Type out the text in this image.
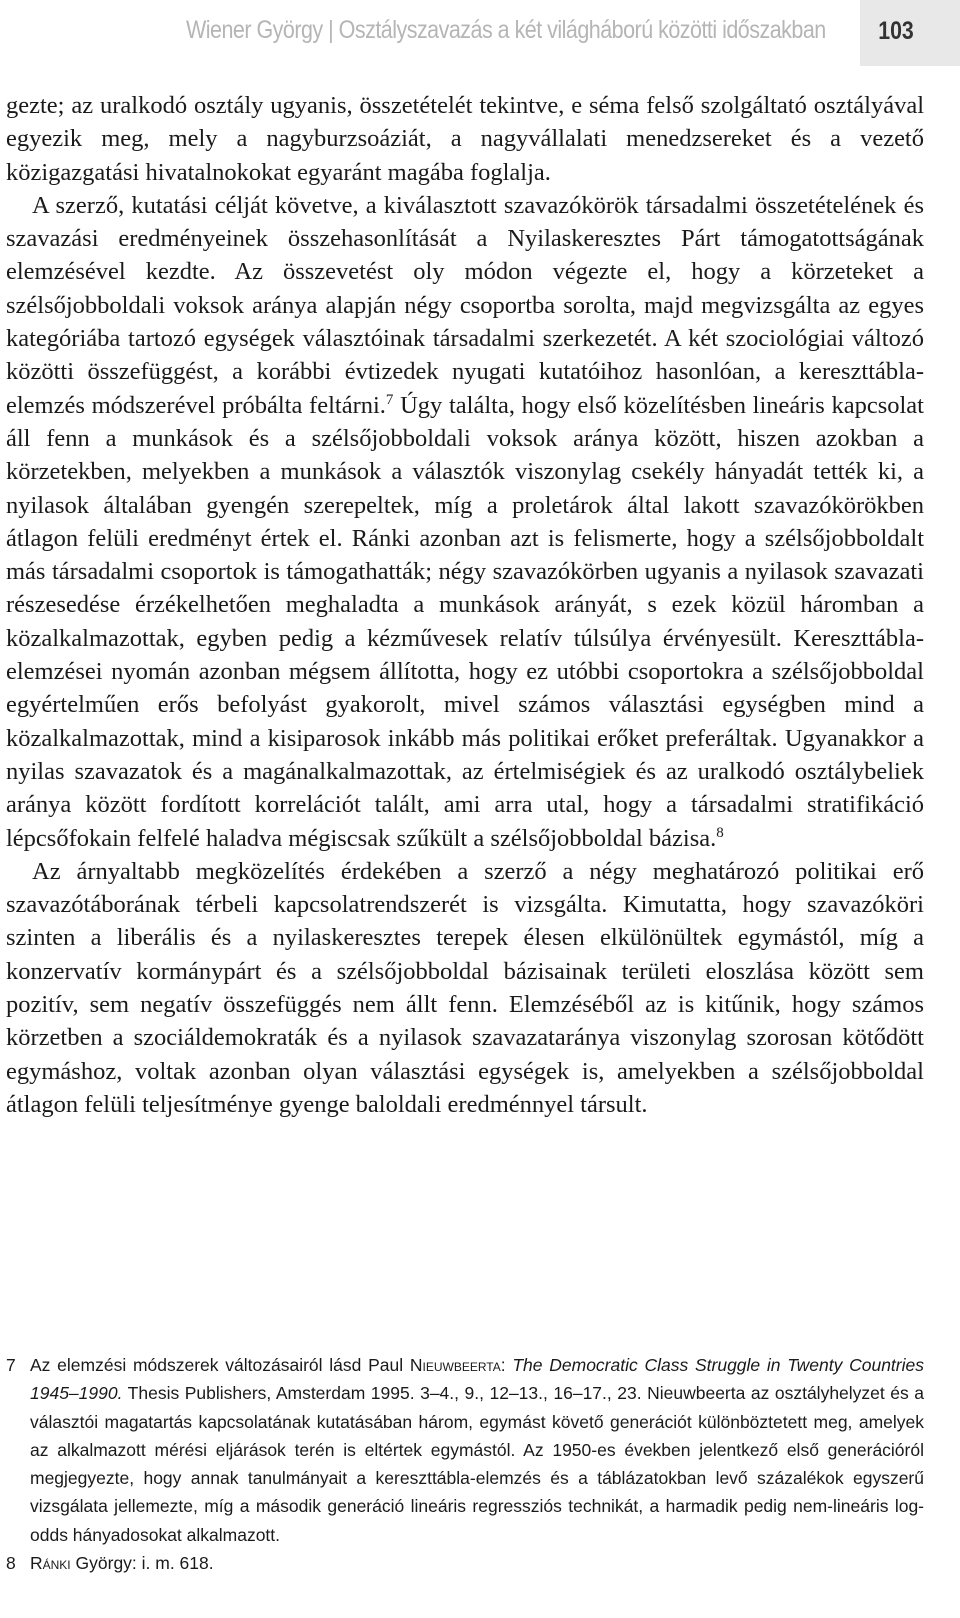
Wiener György | Osztályszavazás a két világháború közötti időszakban	103

gezte; az uralkodó osztály ugyanis, összetételét tekintve, e séma felső szolgáltató osztályával egyezik meg, mely a nagyburzsoáziát, a nagyvállalati menedzsereket és a vezető közigazgatási hivatalnokokat egyaránt magába foglalja.

A szerző, kutatási célját követve, a kiválasztott szavazókörök társadalmi összetételének és szavazási eredményeinek összehasonlítását a Nyilaskeresztes Párt támogatottságának elemzésével kezdte. Az összevetést oly módon végezte el, hogy a körzeteket a szélsőjobboldali voksok aránya alapján négy csoportba sorolta, majd megvizsgálta az egyes kategóriába tartozó egységek választóinak társadalmi szerkezetét. A két szociológiai változó közötti összefüggést, a korábbi évtizedek nyugati kutatóihoz hasonlóan, a kereszttábla-elemzés módszerével próbálta feltárni.$^7$ Úgy találta, hogy első közelítésben lineáris kapcsolat áll fenn a munkások és a szélsőjobboldali voksok aránya között, hiszen azokban a körzetekben, melyekben a munkások a választók viszonylag csekély hányadát tették ki, a nyilasok általában gyengén szerepeltek, míg a proletárok által lakott szavazókörökben átlagon felüli eredményt értek el. Ránki azonban azt is felismerte, hogy a szélsőjobboldalt más társadalmi csoportok is támogathatták; négy szavazókörben ugyanis a nyilasok szavazati részesedése érzékelhetően meghaladta a munkások arányát, s ezek közül háromban a közalkalmazottak, egyben pedig a kézművesek relatív túlsúlya érvényesült. Kereszttábla-elemzései nyomán azonban mégsem állította, hogy ez utóbbi csoportokra a szélsőjobboldal egyértelműen erős befolyást gyakorolt, mivel számos választási egységben mind a közalkalmazottak, mind a kisiparosok inkább más politikai erőket preferáltak. Ugyanakkor a nyilas szavazatok és a magánalkalmazottak, az értelmiségiek és az uralkodó osztálybeliek aránya között fordított korrelációt talált, ami arra utal, hogy a társadalmi stratifikáció lépcsőfokain felfelé haladva mégiscsak szűkült a szélsőjobboldal bázisa.$^8$

Az árnyaltabb megközelítés érdekében a szerző a négy meghatározó politikai erő szavazótáborának térbeli kapcsolatrendszerét is vizsgálta. Kimutatta, hogy szavazóköri szinten a liberális és a nyilaskeresztes terepek élesen elkülönültek egymástól, míg a konzervatív kormánypárt és a szélsőjobboldal bázisainak területi eloszlása között sem pozitív, sem negatív összefüggés nem állt fenn. Elemzéséből az is kitűnik, hogy számos körzetben a szociáldemokraták és a nyilasok szavazataránya viszonylag szorosan kötődött egymáshoz, voltak azonban olyan választási egységek is, amelyekben a szélsőjobboldal átlagon felüli teljesítménye gyenge baloldali eredménnyel társult.

7 Az elemzési módszerek változásairól lásd Paul Nieuwbeerta: The Democratic Class Struggle in Twenty Countries 1945–1990. Thesis Publishers, Amsterdam 1995. 3–4., 9., 12–13., 16–17., 23. Nieuwbeerta az osztályhelyzet és a választói magatartás kapcsolatának kutatásában három, egymást követő generációt különböztetett meg, amelyek az alkalmazott mérési eljárások terén is eltértek egymástól. Az 1950-es években jelentkező első generációról megjegyezte, hogy annak tanulmányait a kereszttábla-elemzés és a táblázatokban levő százalékok egyszerű vizsgálata jellemezte, míg a második generáció lineáris regressziós technikát, a harmadik pedig nem-lineáris log-odds hányadosokat alkalmazott.
8 Ránki György: i. m. 618.
